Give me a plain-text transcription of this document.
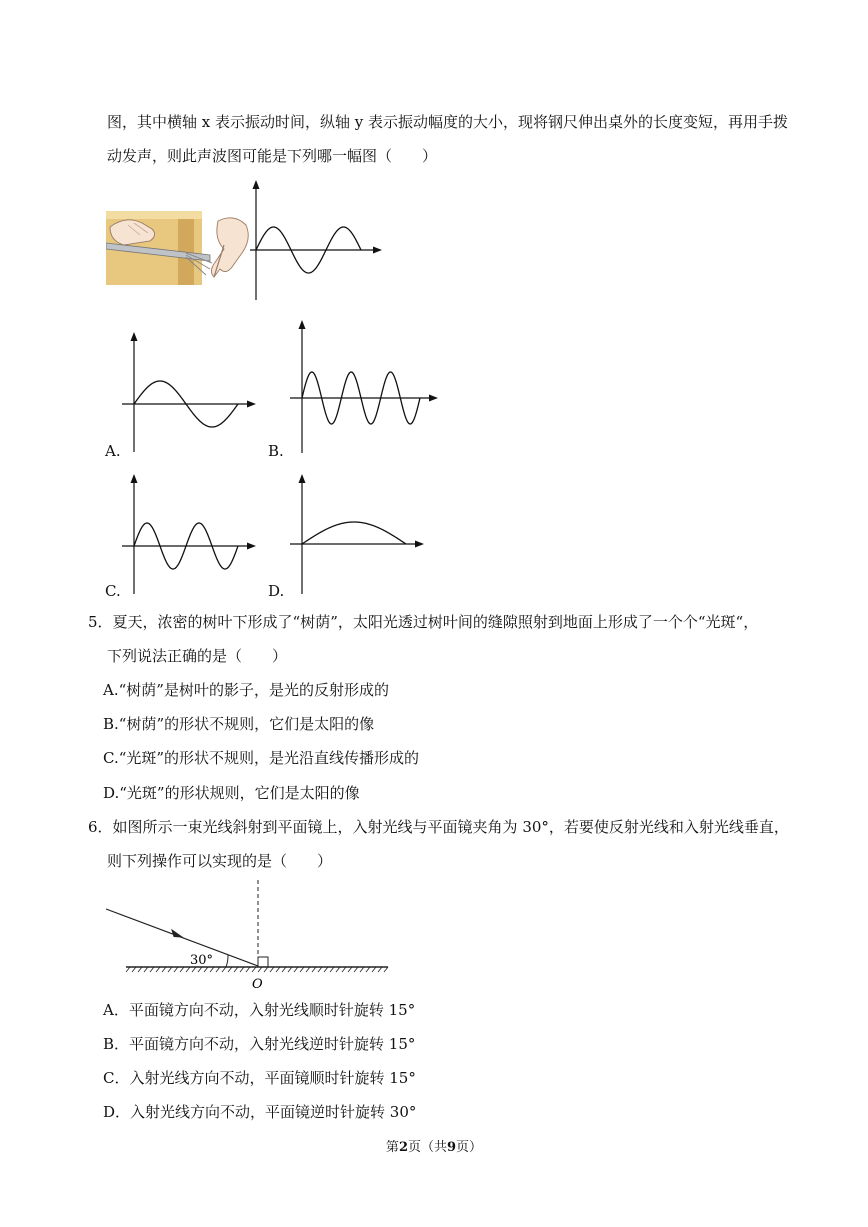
图，其中横轴 x 表示振动时间，纵轴 y 表示振动幅度的大小，现将钢尺伸出桌外的长度变短，再用手拨
动发声，则此声波图可能是下列哪一幅图（　　）
A.	B.
C.	D.
5．夏天，浓密的树叶下形成了“树荫”，太阳光透过树叶间的缝隙照射到地面上形成了一个个“光斑“，
下列说法正确的是（　　）
A.“树荫”是树叶的影子，是光的反射形成的
B.“树荫”的形状不规则，它们是太阳的像
C.“光斑”的形状不规则，是光沿直线传播形成的
D.“光斑”的形状规则，它们是太阳的像
6．如图所示一束光线斜射到平面镜上，入射光线与平面镜夹角为 30°，若要使反射光线和入射光线垂直，
则下列操作可以实现的是（　　）
30°
O
A．平面镜方向不动，入射光线顺时针旋转 15°
B．平面镜方向不动，入射光线逆时针旋转 15°
C．入射光线方向不动，平面镜顺时针旋转 15°
D．入射光线方向不动，平面镜逆时针旋转 30°
第2页（共9页）
